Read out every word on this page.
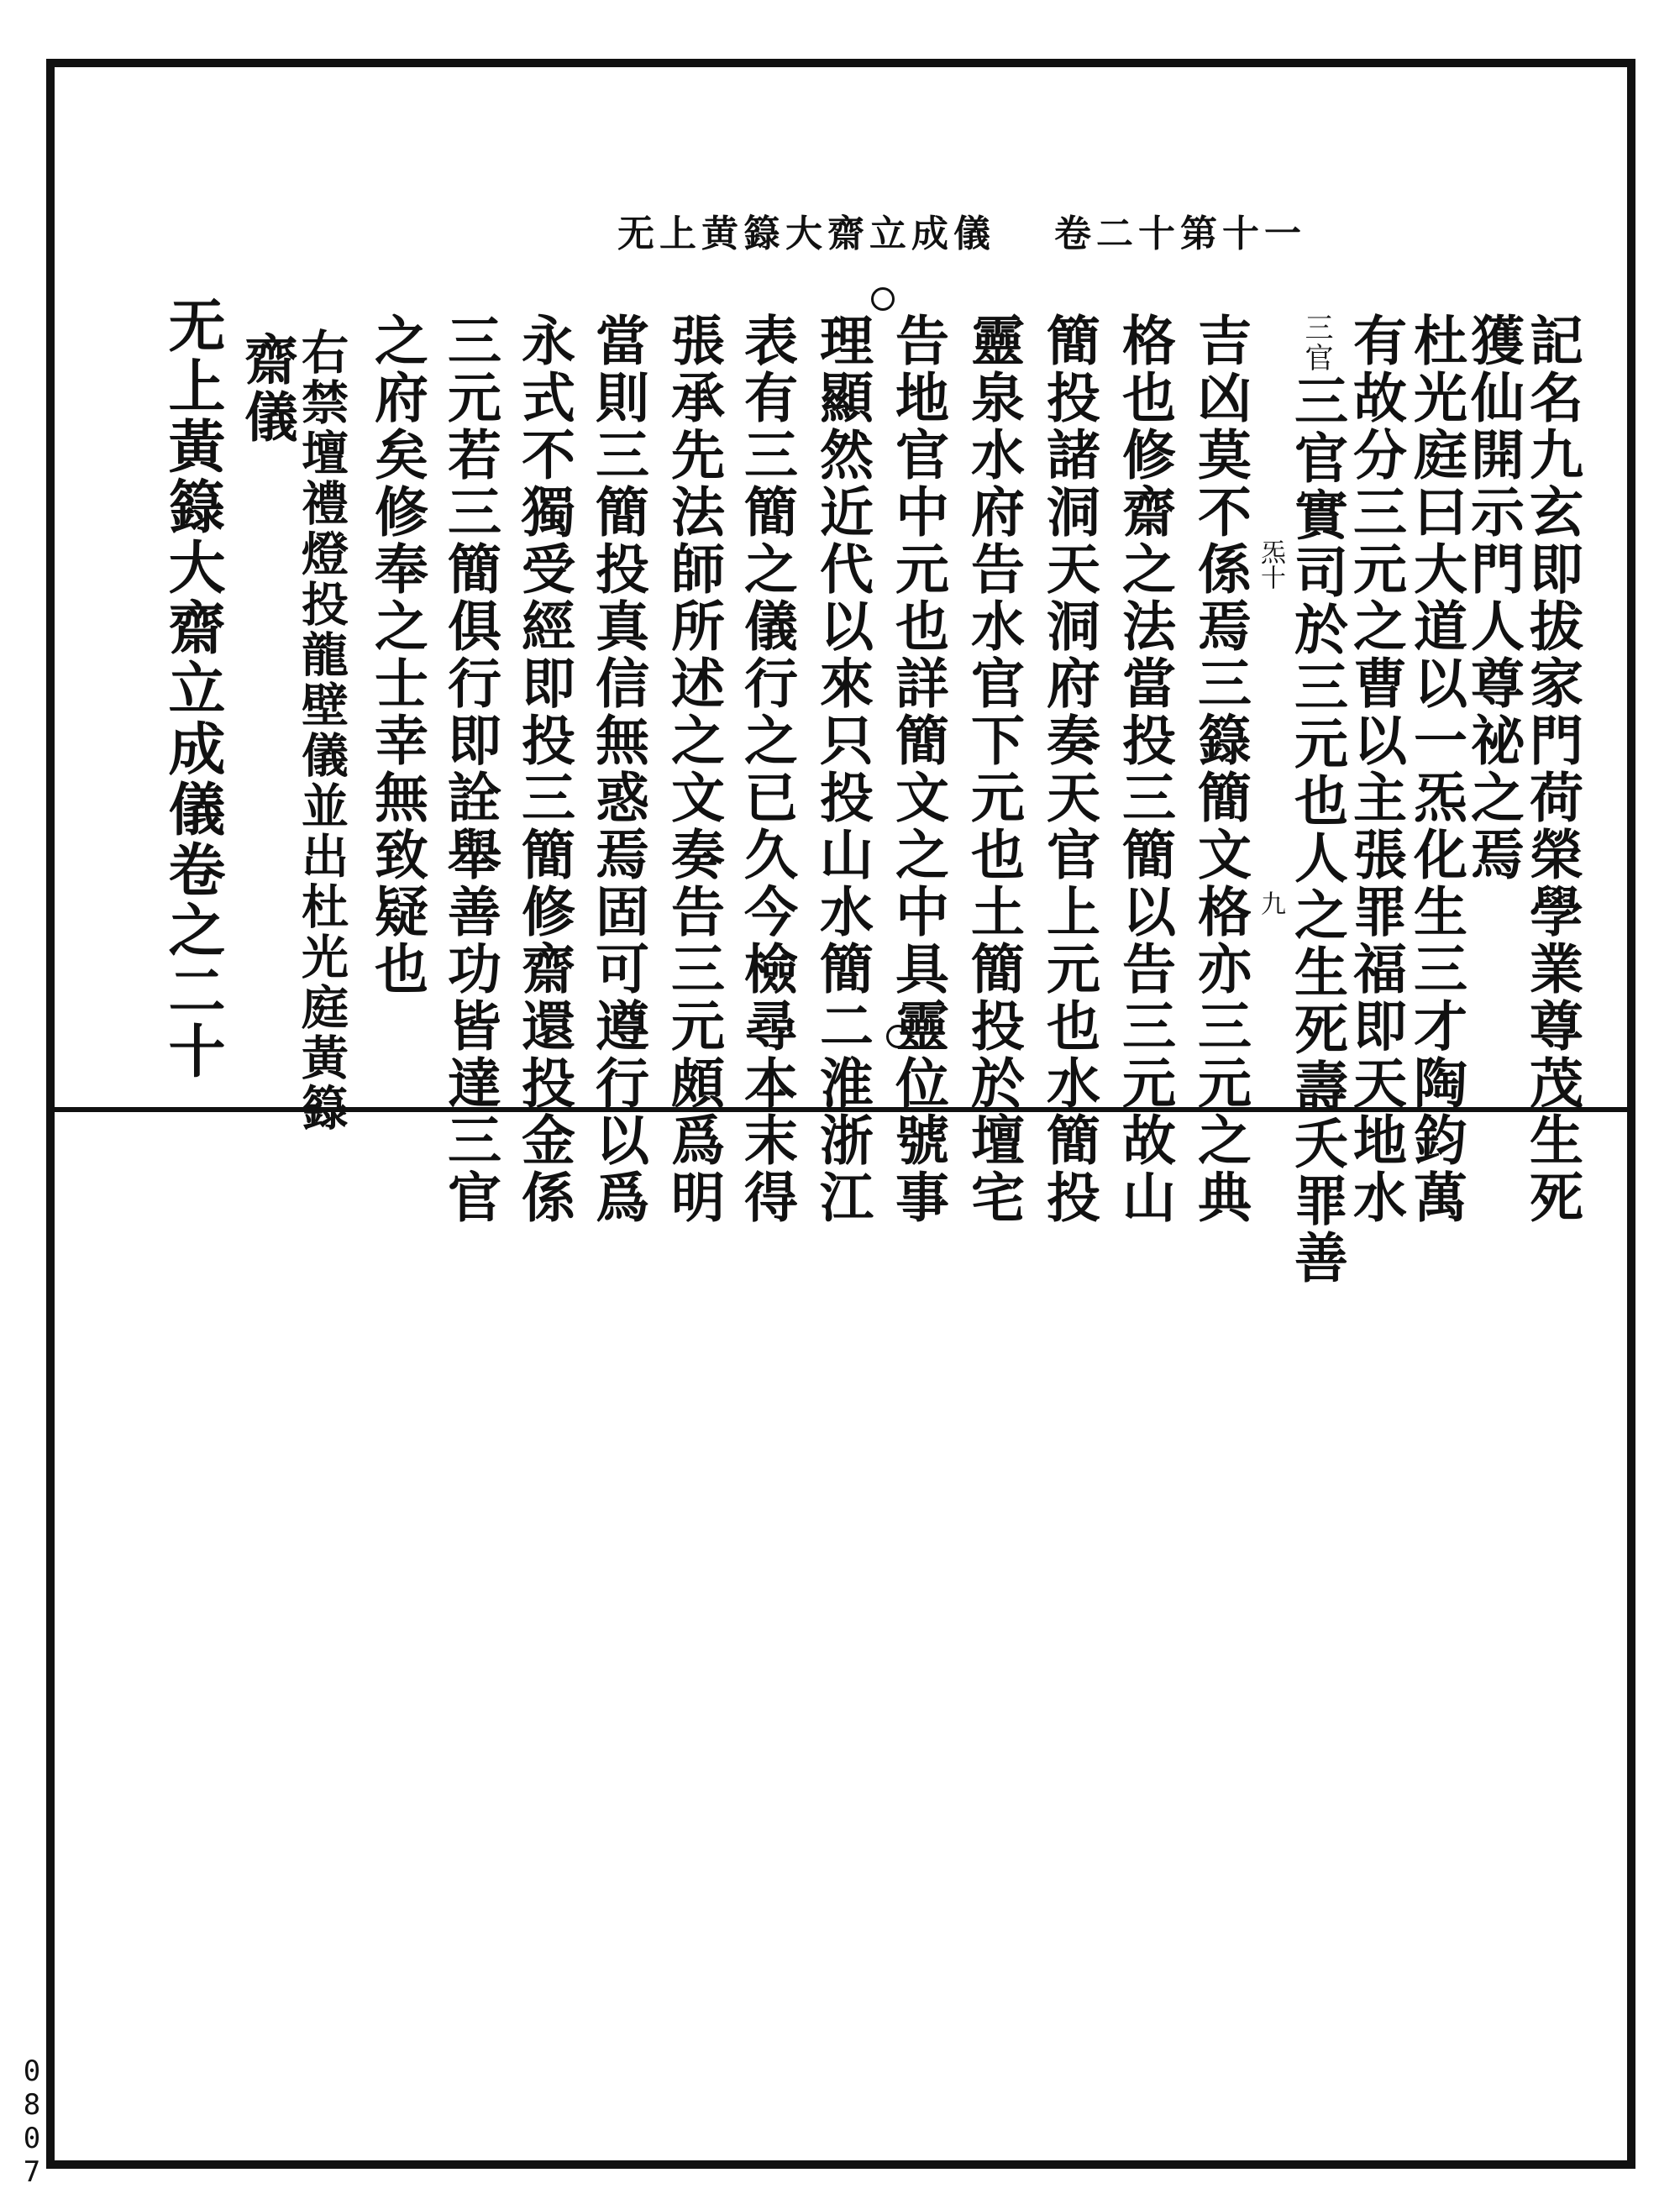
无上黄籙大齋立成儀 卷二十第十一
記名九玄即拔家門荷榮學業尊茂生死
獲仙開示門人尊祕之焉
杜光庭曰大道以一炁化生三才陶鈞萬
有故分三元之曹以主張罪福即天地水
三官三官實司於三元也人之生死壽夭罪善
九
炁十
吉凶莫不係焉三籙簡文格亦三元之典
格也修齋之法當投三簡以告三元故山
簡投諸洞天洞府奏天官上元也水簡投
靈泉水府告水官下元也土簡投於壇宅
告地官中元也詳簡文之中具靈位號事
理顯然近代以來只投山水簡二淮浙江
表有三簡之儀行之已久今檢尋本末得
張承先法師所述之文奏告三元頗爲明
當則三簡投真信無惑焉固可遵行以爲
永式不獨受經即投三簡修齋還投金係
三元若三簡俱行即詮舉善功皆達三官
之府矣修奉之士幸無致疑也
右禁壇禮燈投龍壁儀並出杜光庭黃籙
齋儀
无上黃籙大齋立成儀卷之二十
0807
